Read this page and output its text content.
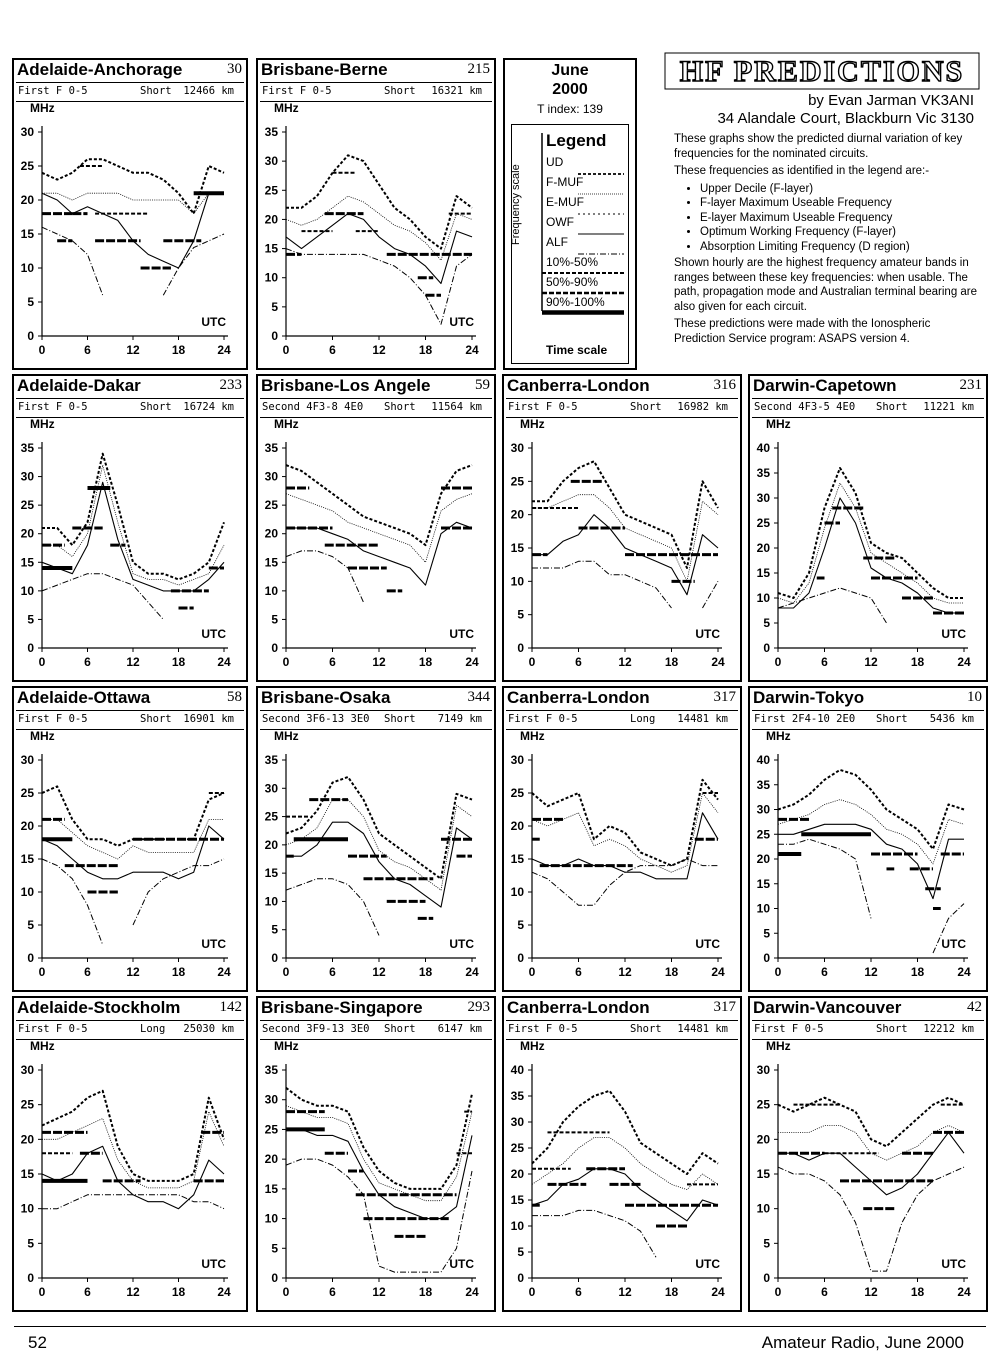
HF PREDICTIONS
by Evan Jarman VK3ANI
34 Alandale Court, Blackburn Vic 3130

These graphs show the predicted diurnal variation of key frequencies for the nominated circuits.

These frequencies as identified in the legend are:-

• Upper Decile (F-layer)
• F-layer Maximum Useable Frequency
• E-layer Maximum Useable Frequency
• Optimum Working Frequency (F-layer)
• Absorption Limiting Frequency (D region)

Shown hourly are the highest frequency amateur bands in ranges between these key frequencies: when usable. The path, propagation mode and Australian terminal bearing are also given for each circuit.

These predictions were made with the Ionospheric Prediction Service program: ASAPS version 4.

June
2000
T index: 139
Legend
UD
F-MUF
E-MUF
OWF
ALF
10%-50%
50%-90%
90%-100%
Frequency scale
Time scale
Adelaide-Anchorage	30
First F 0-5	Short 12466 km
MHz
0
5
10
15
20
25
30
0	6	12	18	24
UTC
Brisbane-Berne	215
First F 0-5	Short 16321 km
MHz
0
5
10
15
20
25
30
35
0	6	12	18	24
UTC
Adelaide-Dakar	233
First F 0-5	Short 16724 km
MHz
0
5
10
15
20
25
30
35
0	6	12	18	24
UTC
Brisbane-Los Angele	59
Second 4F3-8 4E0 Short 11564 km
MHz
0
5
10
15
20
25
30
35
0	6	12	18	24
UTC
Canberra-London	316
First F 0-5	Short 16982 km
MHz
0
5
10
15
20
25
30
0	6	12	18	24
UTC
Darwin-Capetown	231
Second 4F3-5 4E0 Short 11221 km
MHz
0
5
10
15
20
25
30
35
40
0	6	12	18	24
UTC
Adelaide-Ottawa	58
First F 0-5	Short 16901 km
MHz
0
5
10
15
20
25
30
0	6	12	18	24
UTC
Brisbane-Osaka	344
Second 3F6-13 3E0 Short 7149 km
MHz
0
5
10
15
20
25
30
35
0	6	12	18	24
UTC
Canberra-London	317
First F 0-5	Long 14481 km
MHz
0
5
10
15
20
25
30
0	6	12	18	24
UTC
Darwin-Tokyo	10
First 2F4-10 2E0 Short 5436 km
MHz
0
5
10
15
20
25
30
35
40
0	6	12	18	24
UTC
Adelaide-Stockholm	142
First F 0-5	Long 25030 km
MHz
0
5
10
15
20
25
30
0	6	12	18	24
UTC
Brisbane-Singapore	293
Second 3F9-13 3E0 Short 6147 km
MHz
0
5
10
15
20
25
30
35
0	6	12	18	24
UTC
Canberra-London	317
First F 0-5	Short 14481 km
MHz
0
5
10
15
20
25
30
35
40
0	6	12	18	24
UTC
Darwin-Vancouver	42
First F 0-5	Short 12212 km
MHz
0
5
10
15
20
25
30
0	6	12	18	24
UTC
52	Amateur Radio, June 2000
